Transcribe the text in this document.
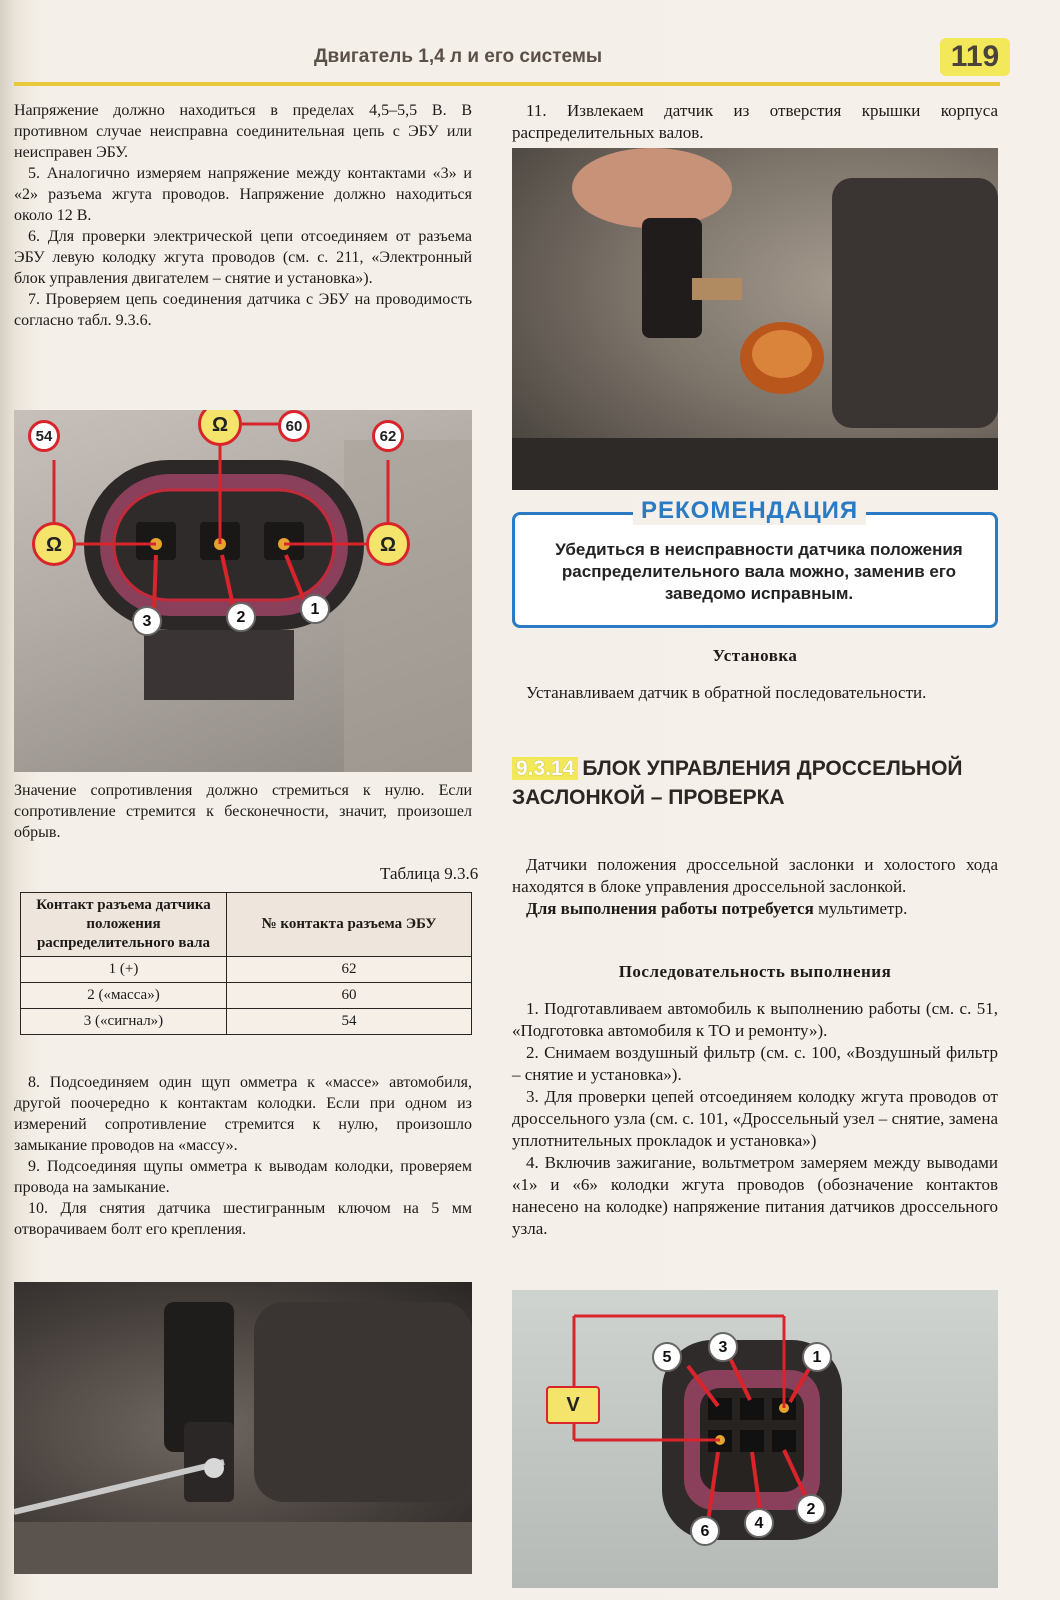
Двигатель 1,4 л и его системы	119

Напряжение должно находиться в пределах 4,5–5,5 В. В противном случае неисправна соединительная цепь с ЭБУ или неисправен ЭБУ.

5. Аналогично измеряем напряжение между контактами «3» и «2» разъема жгута проводов. Напряжение должно находиться около 12 В.

6. Для проверки электрической цепи отсоединяем от разъема ЭБУ левую колодку жгута проводов (см. с. 211, «Электронный блок управления двигателем – снятие и установка»).

7. Проверяем цепь соединения датчика с ЭБУ на проводимость согласно табл. 9.3.6.

54
60
62
Ω
Ω	Ω
3	2	1

Значение сопротивления должно стремиться к нулю. Если сопротивление стремится к бесконечности, значит, произошел обрыв.

Таблица 9.3.6
Контакт разъема датчика положения распределительного вала	№ контакта разъема ЭБУ
1 (+)	62
2 («масса»)	60
3 («сигнал»)	54

8. Подсоединяем один щуп омметра к «массе» автомобиля, другой поочередно к контактам колодки. Если при одном из измерений сопротивление стремится к нулю, произошло замыкание проводов на «массу».

9. Подсоединяя щупы омметра к выводам колодки, проверяем провода на замыкание.

10. Для снятия датчика шестигранным ключом на 5 мм отворачиваем болт его крепления.

11. Извлекаем датчик из отверстия крышки корпуса распределительных валов.

РЕКОМЕНДАЦИЯ
Убедиться в неисправности датчика положения распределительного вала можно, заменив его заведомо исправным.
Установка

Устанавливаем датчик в обратной последовательности.

9.3.14 БЛОК УПРАВЛЕНИЯ ДРОССЕЛЬНОЙ ЗАСЛОНКОЙ – ПРОВЕРКА

Датчики положения дроссельной заслонки и холостого хода находятся в блоке управления дроссельной заслонкой.

Для выполнения работы потребуется мультиметр.

Последовательность выполнения

1. Подготавливаем автомобиль к выполнению работы (см. с. 51, «Подготовка автомобиля к ТО и ремонту»).

2. Снимаем воздушный фильтр (см. с. 100, «Воздушный фильтр – снятие и установка»).

3. Для проверки цепей отсоединяем колодку жгута проводов от дроссельного узла (см. с. 101, «Дроссельный узел – снятие, замена уплотнительных прокладок и установка»)

4. Включив зажигание, вольтметром замеряем между выводами «1» и «6» колодки жгута проводов (обозначение контактов нанесено на колодке) напряжение питания датчиков дроссельного узла.

5
3
1
V
2
4
6
